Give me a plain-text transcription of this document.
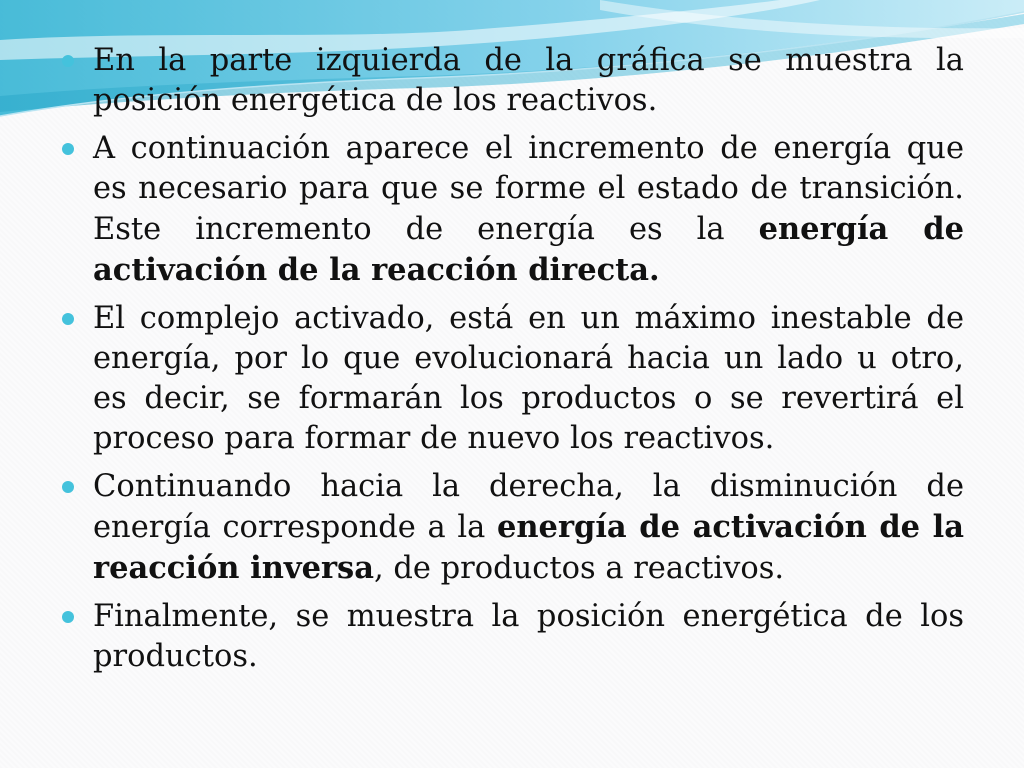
En la parte izquierda de la gráfica se muestra la posición energética de los reactivos.

A continuación aparece el incremento de energía que es necesario para que se forme el estado de transición. Este incremento de energía es la energía de activación de la reacción directa.

El complejo activado, está en un máximo inestable de energía, por lo que evolucionará hacia un lado u otro, es decir, se formarán los productos o se revertirá el proceso para formar de nuevo los reactivos.

Continuando hacia la derecha, la disminución de energía corresponde a la energía de activación de la reacción inversa, de productos a reactivos.

Finalmente, se muestra la posición energética de los productos.
